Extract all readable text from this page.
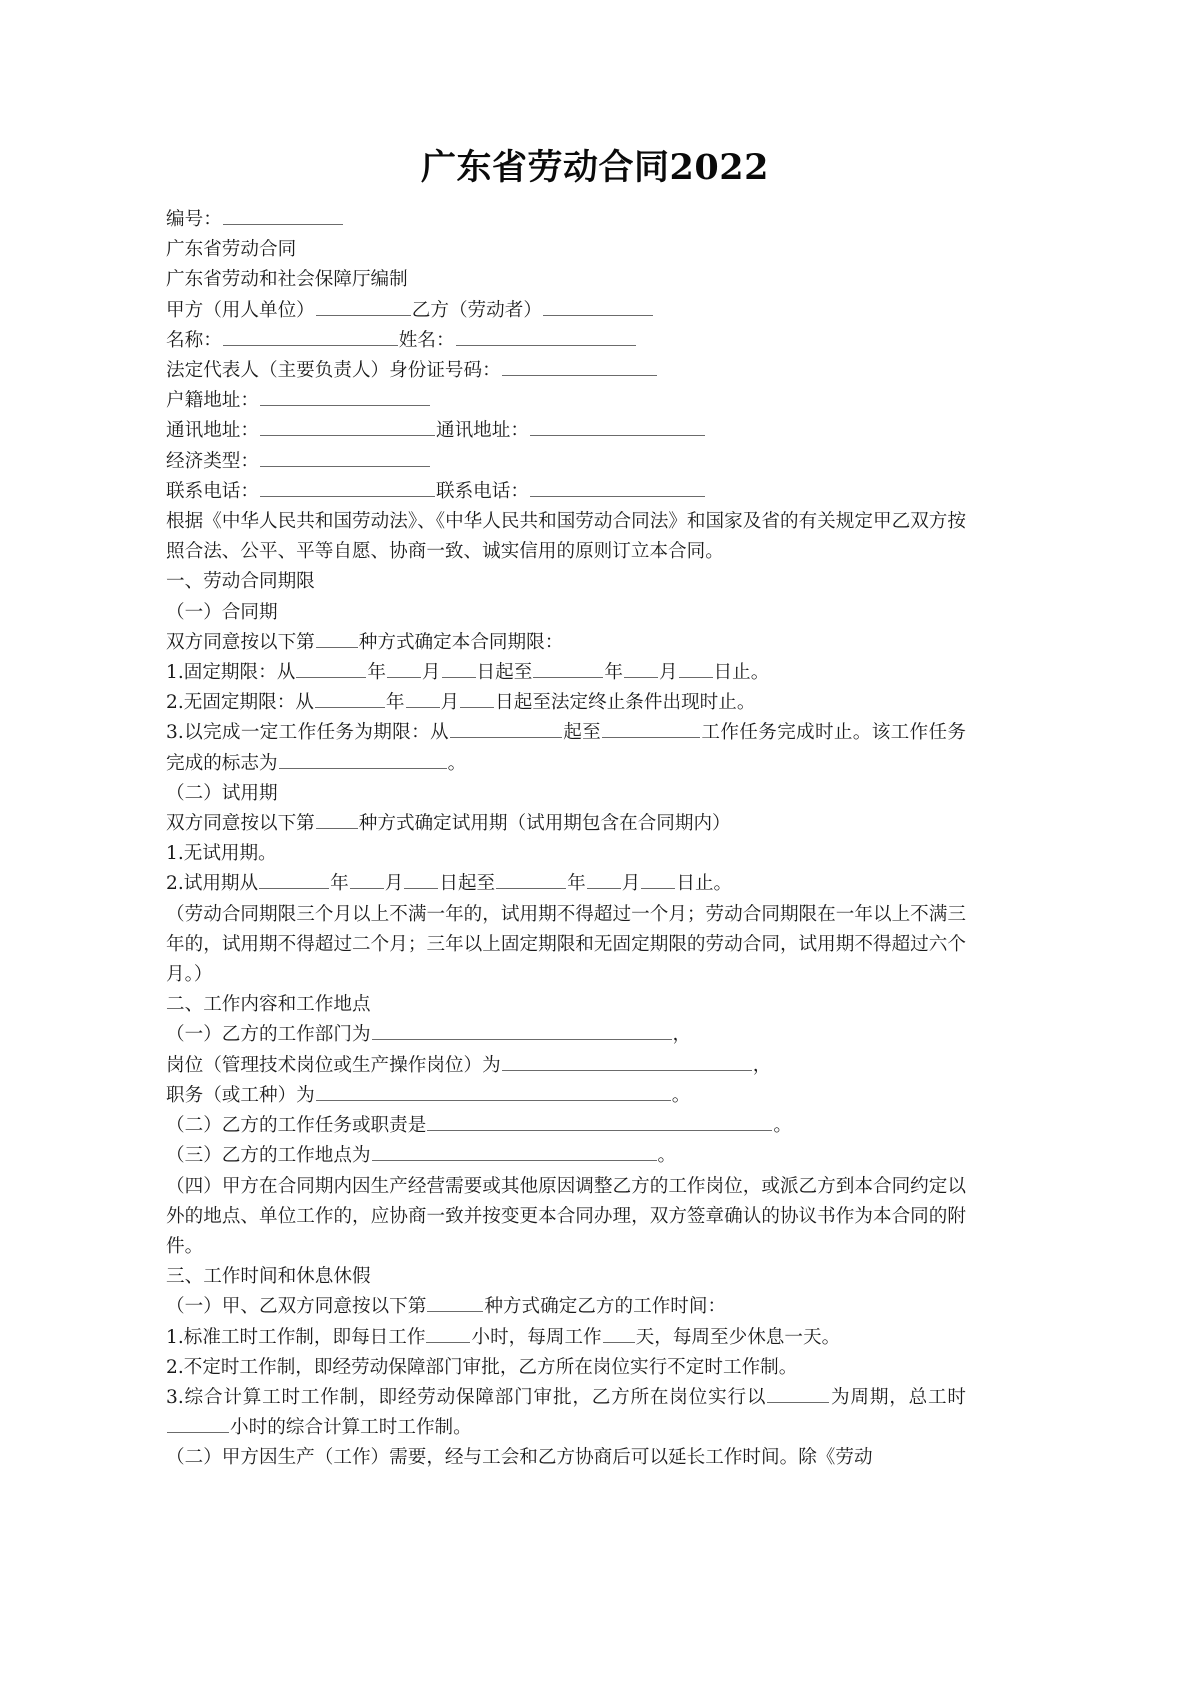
广东省劳动合同2022
编号：
广东省劳动合同
广东省劳动和社会保障厅编制
甲方（用人单位）	乙方（劳动者）
名称：	姓名：
法定代表人（主要负责人）身份证号码：
户籍地址：
通讯地址：	通讯地址：
经济类型：
联系电话：	联系电话：
根据《中华人民共和国劳动法》、《中华人民共和国劳动合同法》和国家及省的有关规定甲乙双方按照合法、公平、平等自愿、协商一致、诚实信用的原则订立本合同。
一、劳动合同期限
（一）合同期
双方同意按以下第 种方式确定本合同期限：
1.固定期限：从	年 月 日起至	年 月 日止。
2.无固定期限：从	年 月 日起至法定终止条件出现时止。
3.以完成一定工作任务为期限：从	起至	工作任务完成时止。该工作任务完成的标志为	。
（二）试用期
双方同意按以下第 种方式确定试用期（试用期包含在合同期内）
1.无试用期。
2.试用期从	年 月 日起至	年 月 日止。
（劳动合同期限三个月以上不满一年的，试用期不得超过一个月；劳动合同期限在一年以上不满三年的，试用期不得超过二个月；三年以上固定期限和无固定期限的劳动合同，试用期不得超过六个月。）
二、工作内容和工作地点
（一）乙方的工作部门为	，
岗位（管理技术岗位或生产操作岗位）为	，
职务（或工种）为	。
（二）乙方的工作任务或职责是	。
（三）乙方的工作地点为	。
（四）甲方在合同期内因生产经营需要或其他原因调整乙方的工作岗位，或派乙方到本合同约定以外的地点、单位工作的，应协商一致并按变更本合同办理，双方签章确认的协议书作为本合同的附件。
三、工作时间和休息休假
（一）甲、乙双方同意按以下第	种方式确定乙方的工作时间：
1.标准工时工作制，即每日工作 小时，每周工作 天，每周至少休息一天。
2.不定时工作制，即经劳动保障部门审批，乙方所在岗位实行不定时工作制。
3.综合计算工时工作制，即经劳动保障部门审批，乙方所在岗位实行以	为周期，总工时小时的综合计算工时工作制。
（二）甲方因生产（工作）需要，经与工会和乙方协商后可以延长工作时间。除《劳动
